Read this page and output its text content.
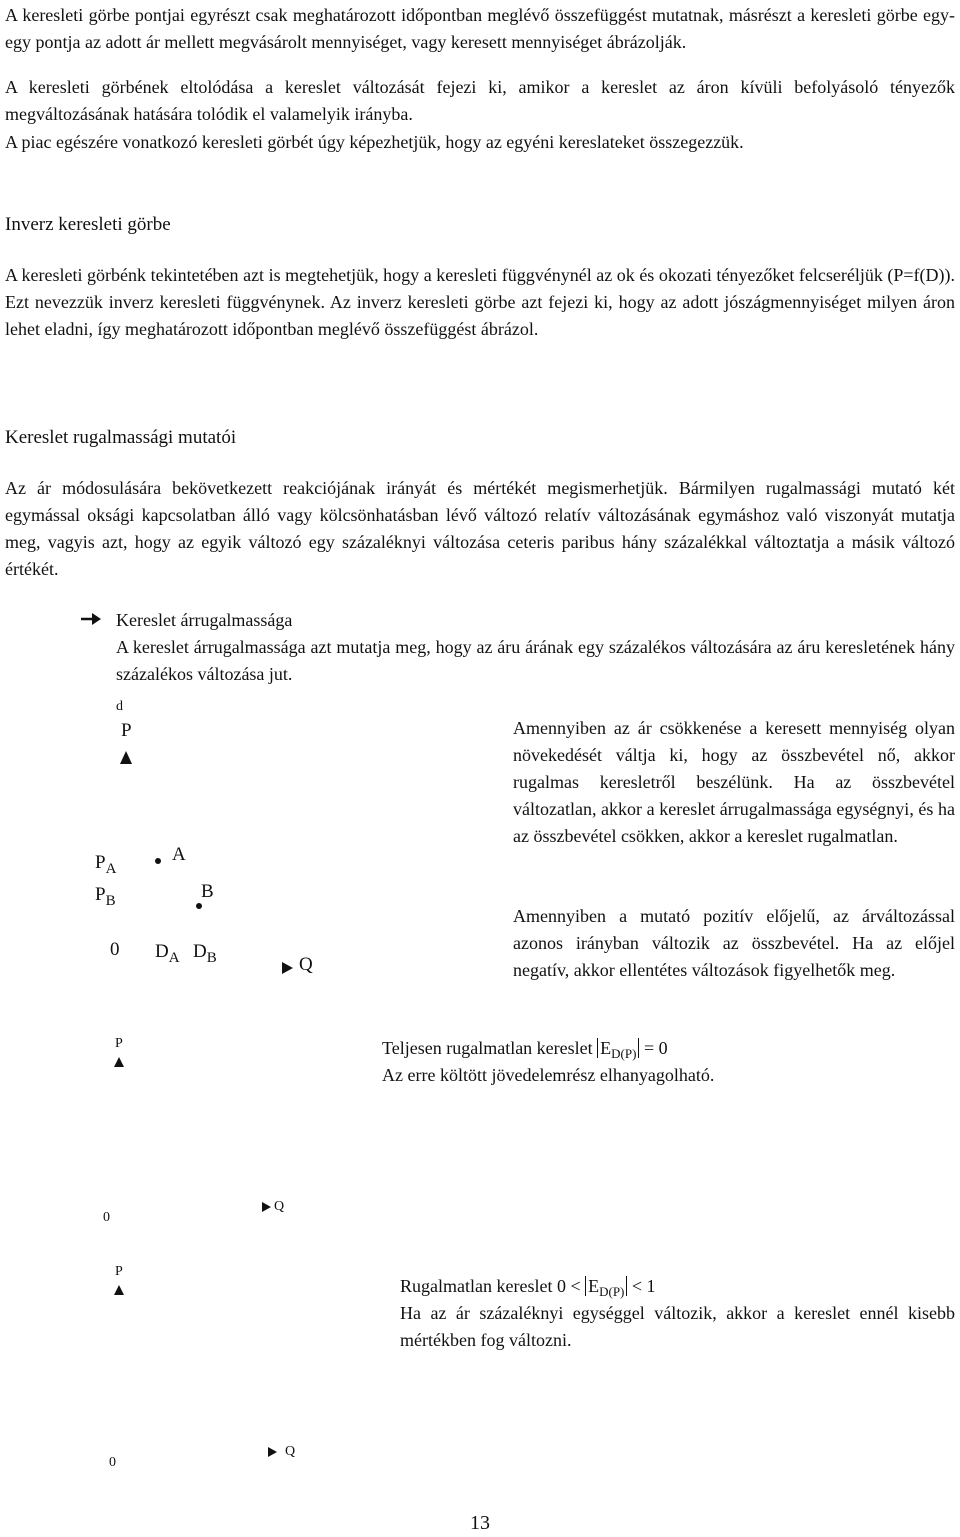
A keresleti görbe pontjai egyrészt csak meghatározott időpontban meglévő összefüggést mutatnak, másrészt a keresleti görbe egy-egy pontja az adott ár mellett megvásárolt mennyiséget, vagy keresett mennyiséget ábrázolják.

A keresleti görbének eltolódása a kereslet változását fejezi ki, amikor a kereslet az áron kívüli befolyásoló tényezők megváltozásának hatására tolódik el valamelyik irányba.

A piac egészére vonatkozó keresleti görbét úgy képezhetjük, hogy az egyéni kereslateket összegezzük.

Inverz keresleti görbe

A keresleti görbénk tekintetében azt is megtehetjük, hogy a keresleti függvénynél az ok és okozati tényezőket felcseréljük (P=f(D)). Ezt nevezzük inverz keresleti függvénynek. Az inverz keresleti görbe azt fejezi ki, hogy az adott jószágmennyiséget milyen áron lehet eladni, így meghatározott időpontban meglévő összefüggést ábrázol.

Kereslet rugalmassági mutatói

Az ár módosulására bekövetkezett reakciójának irányát és mértékét megismerhetjük. Bármilyen rugalmassági mutató két egymással oksági kapcsolatban álló vagy kölcsönhatásban lévő változó relatív változásának egymáshoz való viszonyát mutatja meg, vagyis azt, hogy az egyik változó egy százaléknyi változása ceteris paribus hány százalékkal változtatja a másik változó értékét.

Kereslet árrugalmassága

A kereslet árrugalmassága azt mutatja meg, hogy az áru árának egy százalékos változására az áru keresletének hány százalékos változása jut.

d
P
$P_A$
$P_B$
A
B
0 $D_A$ $D_B$	Q

Amennyiben az ár csökkenése a keresett mennyiség olyan növekedését váltja ki, hogy az összbevétel nő, akkor rugalmas keresletről beszélünk. Ha az összbevétel változatlan, akkor a kereslet árrugalmassága egységnyi, és ha az összbevétel csökken, akkor a kereslet rugalmatlan.

Amennyiben a mutató pozitív előjelű, az árváltozással azonos irányban változik az összbevétel. Ha az előjel negatív, akkor ellentétes változások figyelhetők meg.

P
0
Q

Teljesen rugalmatlan kereslet $E_{D(P)} = 0$

Az erre költött jövedelemrész elhanyagolható.

P
0
Q

Rugalmatlan kereslet $0 < E_{D(P)} < 1$

Ha az ár százaléknyi egységgel változik, akkor a kereslet ennél kisebb mértékben fog változni.

13
